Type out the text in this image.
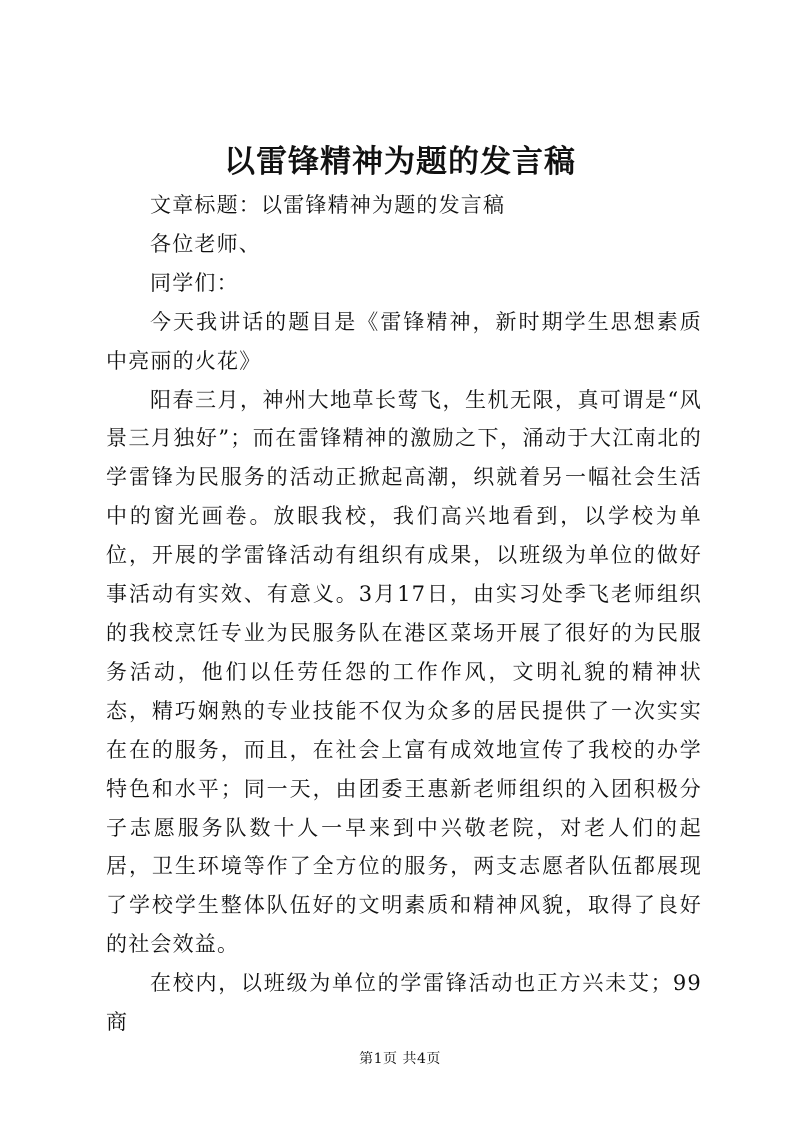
以雷锋精神为题的发言稿

文章标题：以雷锋精神为题的发言稿

各位老师、

同学们：

今天我讲话的题目是《雷锋精神，新时期学生思想素质中亮丽的火花》

阳春三月，神州大地草长莺飞，生机无限，真可谓是“风景三月独好”；而在雷锋精神的激励之下，涌动于大江南北的学雷锋为民服务的活动正掀起高潮，织就着另一幅社会生活中的窗光画卷。放眼我校，我们高兴地看到，以学校为单位，开展的学雷锋活动有组织有成果，以班级为单位的做好事活动有实效、有意义。3月17日，由实习处季飞老师组织的我校烹饪专业为民服务队在港区菜场开展了很好的为民服务活动，他们以任劳任怨的工作作风，文明礼貌的精神状态，精巧娴熟的专业技能不仅为众多的居民提供了一次实实在在的服务，而且，在社会上富有成效地宣传了我校的办学特色和水平；同一天，由团委王惠新老师组织的入团积极分子志愿服务队数十人一早来到中兴敬老院，对老人们的起居，卫生环境等作了全方位的服务，两支志愿者队伍都展现了学校学生整体队伍好的文明素质和精神风貌，取得了良好的社会效益。

在校内，以班级为单位的学雷锋活动也正方兴未艾；99商

第1页 共4页
